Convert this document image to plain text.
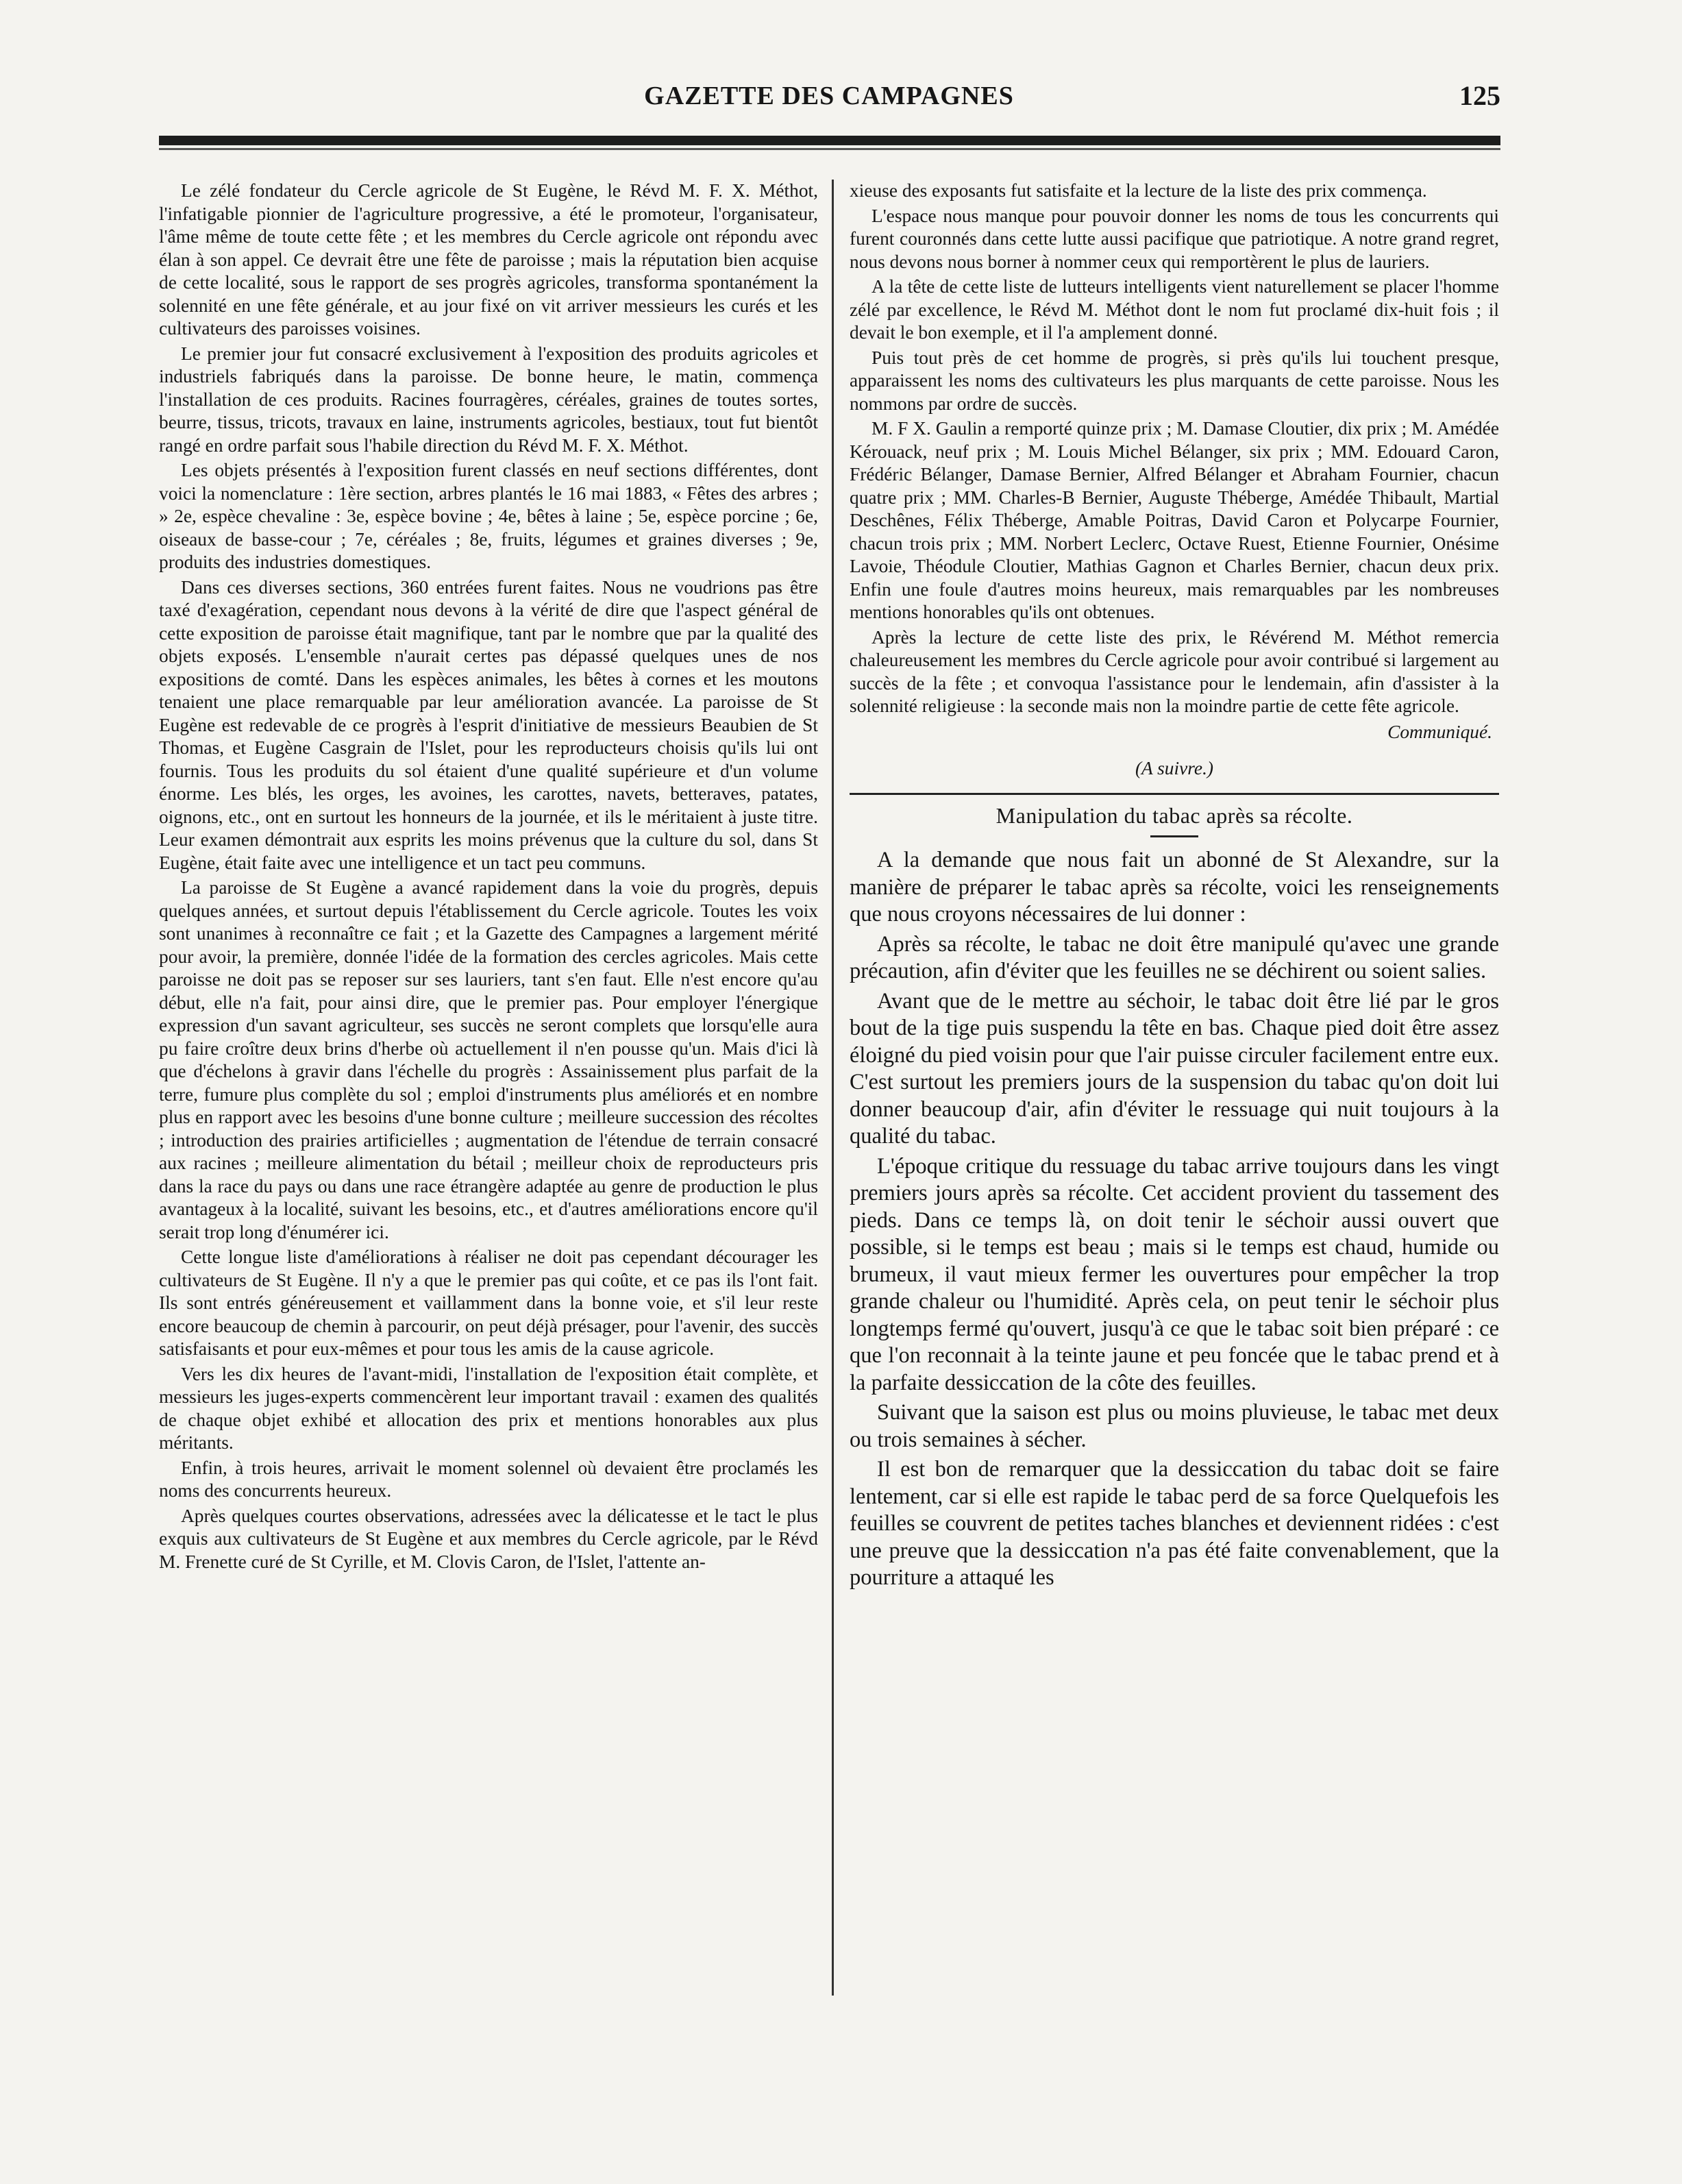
GAZETTE DES CAMPAGNES	125

Le zélé fondateur du Cercle agricole de St Eugène, le Révd M. F. X. Méthot, l'infatigable pionnier de l'agriculture progressive, a été le promoteur, l'organisateur, l'âme même de toute cette fête ; et les membres du Cercle agricole ont répondu avec élan à son appel. Ce devrait être une fête de paroisse ; mais la réputation bien acquise de cette localité, sous le rapport de ses progrès agricoles, transforma spontanément la solennité en une fête générale, et au jour fixé on vit arriver messieurs les curés et les cultivateurs des paroisses voisines.

Le premier jour fut consacré exclusivement à l'exposition des produits agricoles et industriels fabriqués dans la paroisse. De bonne heure, le matin, commença l'installation de ces produits. Racines fourragères, céréales, graines de toutes sortes, beurre, tissus, tricots, travaux en laine, instruments agricoles, bestiaux, tout fut bientôt rangé en ordre parfait sous l'habile direction du Révd M. F. X. Méthot.

Les objets présentés à l'exposition furent classés en neuf sections différentes, dont voici la nomenclature : 1ère section, arbres plantés le 16 mai 1883, « Fêtes des arbres ; » 2e, espèce chevaline : 3e, espèce bovine ; 4e, bêtes à laine ; 5e, espèce porcine ; 6e, oiseaux de basse-cour ; 7e, céréales ; 8e, fruits, légumes et graines diverses ; 9e, produits des industries domestiques.

Dans ces diverses sections, 360 entrées furent faites. Nous ne voudrions pas être taxé d'exagération, cependant nous devons à la vérité de dire que l'aspect général de cette exposition de paroisse était magnifique, tant par le nombre que par la qualité des objets exposés. L'ensemble n'aurait certes pas dépassé quelques unes de nos expositions de comté. Dans les espèces animales, les bêtes à cornes et les moutons tenaient une place remarquable par leur amélioration avancée. La paroisse de St Eugène est redevable de ce progrès à l'esprit d'initiative de messieurs Beaubien de St Thomas, et Eugène Casgrain de l'Islet, pour les reproducteurs choisis qu'ils lui ont fournis. Tous les produits du sol étaient d'une qualité supérieure et d'un volume énorme. Les blés, les orges, les avoines, les carottes, navets, betteraves, patates, oignons, etc., ont en surtout les honneurs de la journée, et ils le méritaient à juste titre. Leur examen démontrait aux esprits les moins prévenus que la culture du sol, dans St Eugène, était faite avec une intelligence et un tact peu communs.

La paroisse de St Eugène a avancé rapidement dans la voie du progrès, depuis quelques années, et surtout depuis l'établissement du Cercle agricole. Toutes les voix sont unanimes à reconnaître ce fait ; et la Gazette des Campagnes a largement mérité pour avoir, la première, donnée l'idée de la formation des cercles agricoles. Mais cette paroisse ne doit pas se reposer sur ses lauriers, tant s'en faut. Elle n'est encore qu'au début, elle n'a fait, pour ainsi dire, que le premier pas. Pour employer l'énergique expression d'un savant agriculteur, ses succès ne seront complets que lorsqu'elle aura pu faire croître deux brins d'herbe où actuellement il n'en pousse qu'un. Mais d'ici là que d'échelons à gravir dans l'échelle du progrès : Assainissement plus parfait de la terre, fumure plus complète du sol ; emploi d'instruments plus améliorés et en nombre plus en rapport avec les besoins d'une bonne culture ; meilleure succession des récoltes ; introduction des prairies artificielles ; augmentation de l'étendue de terrain consacré aux racines ; meilleure alimentation du bétail ; meilleur choix de reproducteurs pris dans la race du pays ou dans une race étrangère adaptée au genre de production le plus avantageux à la localité, suivant les besoins, etc., et d'autres améliorations encore qu'il serait trop long d'énumérer ici.

Cette longue liste d'améliorations à réaliser ne doit pas cependant décourager les cultivateurs de St Eugène. Il n'y a que le premier pas qui coûte, et ce pas ils l'ont fait. Ils sont entrés généreusement et vaillamment dans la bonne voie, et s'il leur reste encore beaucoup de chemin à parcourir, on peut déjà présager, pour l'avenir, des succès satisfaisants et pour eux-mêmes et pour tous les amis de la cause agricole.

Vers les dix heures de l'avant-midi, l'installation de l'exposition était complète, et messieurs les juges-experts commencèrent leur important travail : examen des qualités de chaque objet exhibé et allocation des prix et mentions honorables aux plus méritants.

Enfin, à trois heures, arrivait le moment solennel où devaient être proclamés les noms des concurrents heureux.

Après quelques courtes observations, adressées avec la délicatesse et le tact le plus exquis aux cultivateurs de St Eugène et aux membres du Cercle agricole, par le Révd M. Frenette curé de St Cyrille, et M. Clovis Caron, de l'Islet, l'attente an-

xieuse des exposants fut satisfaite et la lecture de la liste des prix commença.

L'espace nous manque pour pouvoir donner les noms de tous les concurrents qui furent couronnés dans cette lutte aussi pacifique que patriotique. A notre grand regret, nous devons nous borner à nommer ceux qui remportèrent le plus de lauriers.

A la tête de cette liste de lutteurs intelligents vient naturellement se placer l'homme zélé par excellence, le Révd M. Méthot dont le nom fut proclamé dix-huit fois ; il devait le bon exemple, et il l'a amplement donné.

Puis tout près de cet homme de progrès, si près qu'ils lui touchent presque, apparaissent les noms des cultivateurs les plus marquants de cette paroisse. Nous les nommons par ordre de succès.

M. F X. Gaulin a remporté quinze prix ; M. Damase Cloutier, dix prix ; M. Amédée Kérouack, neuf prix ; M. Louis Michel Bélanger, six prix ; MM. Edouard Caron, Frédéric Bélanger, Damase Bernier, Alfred Bélanger et Abraham Fournier, chacun quatre prix ; MM. Charles-B Bernier, Auguste Théberge, Amédée Thibault, Martial Deschênes, Félix Théberge, Amable Poitras, David Caron et Polycarpe Fournier, chacun trois prix ; MM. Norbert Leclerc, Octave Ruest, Etienne Fournier, Onésime Lavoie, Théodule Cloutier, Mathias Gagnon et Charles Bernier, chacun deux prix. Enfin une foule d'autres moins heureux, mais remarquables par les nombreuses mentions honorables qu'ils ont obtenues.

Après la lecture de cette liste des prix, le Révérend M. Méthot remercia chaleureusement les membres du Cercle agricole pour avoir contribué si largement au succès de la fête ; et convoqua l'assistance pour le lendemain, afin d'assister à la solennité religieuse : la seconde mais non la moindre partie de cette fête agricole.

Communiqué.

(A suivre.)

Manipulation du tabac après sa récolte.

A la demande que nous fait un abonné de St Alexandre, sur la manière de préparer le tabac après sa récolte, voici les renseignements que nous croyons nécessaires de lui donner :

Après sa récolte, le tabac ne doit être manipulé qu'avec une grande précaution, afin d'éviter que les feuilles ne se déchirent ou soient salies.

Avant que de le mettre au séchoir, le tabac doit être lié par le gros bout de la tige puis suspendu la tête en bas. Chaque pied doit être assez éloigné du pied voisin pour que l'air puisse circuler facilement entre eux. C'est surtout les premiers jours de la suspension du tabac qu'on doit lui donner beaucoup d'air, afin d'éviter le ressuage qui nuit toujours à la qualité du tabac.

L'époque critique du ressuage du tabac arrive toujours dans les vingt premiers jours après sa récolte. Cet accident provient du tassement des pieds. Dans ce temps là, on doit tenir le séchoir aussi ouvert que possible, si le temps est beau ; mais si le temps est chaud, humide ou brumeux, il vaut mieux fermer les ouvertures pour empêcher la trop grande chaleur ou l'humidité. Après cela, on peut tenir le séchoir plus longtemps fermé qu'ouvert, jusqu'à ce que le tabac soit bien préparé : ce que l'on reconnait à la teinte jaune et peu foncée que le tabac prend et à la parfaite dessiccation de la côte des feuilles.

Suivant que la saison est plus ou moins pluvieuse, le tabac met deux ou trois semaines à sécher.

Il est bon de remarquer que la dessiccation du tabac doit se faire lentement, car si elle est rapide le tabac perd de sa force Quelquefois les feuilles se couvrent de petites taches blanches et deviennent ridées : c'est une preuve que la dessiccation n'a pas été faite convenablement, que la pourriture a attaqué les
